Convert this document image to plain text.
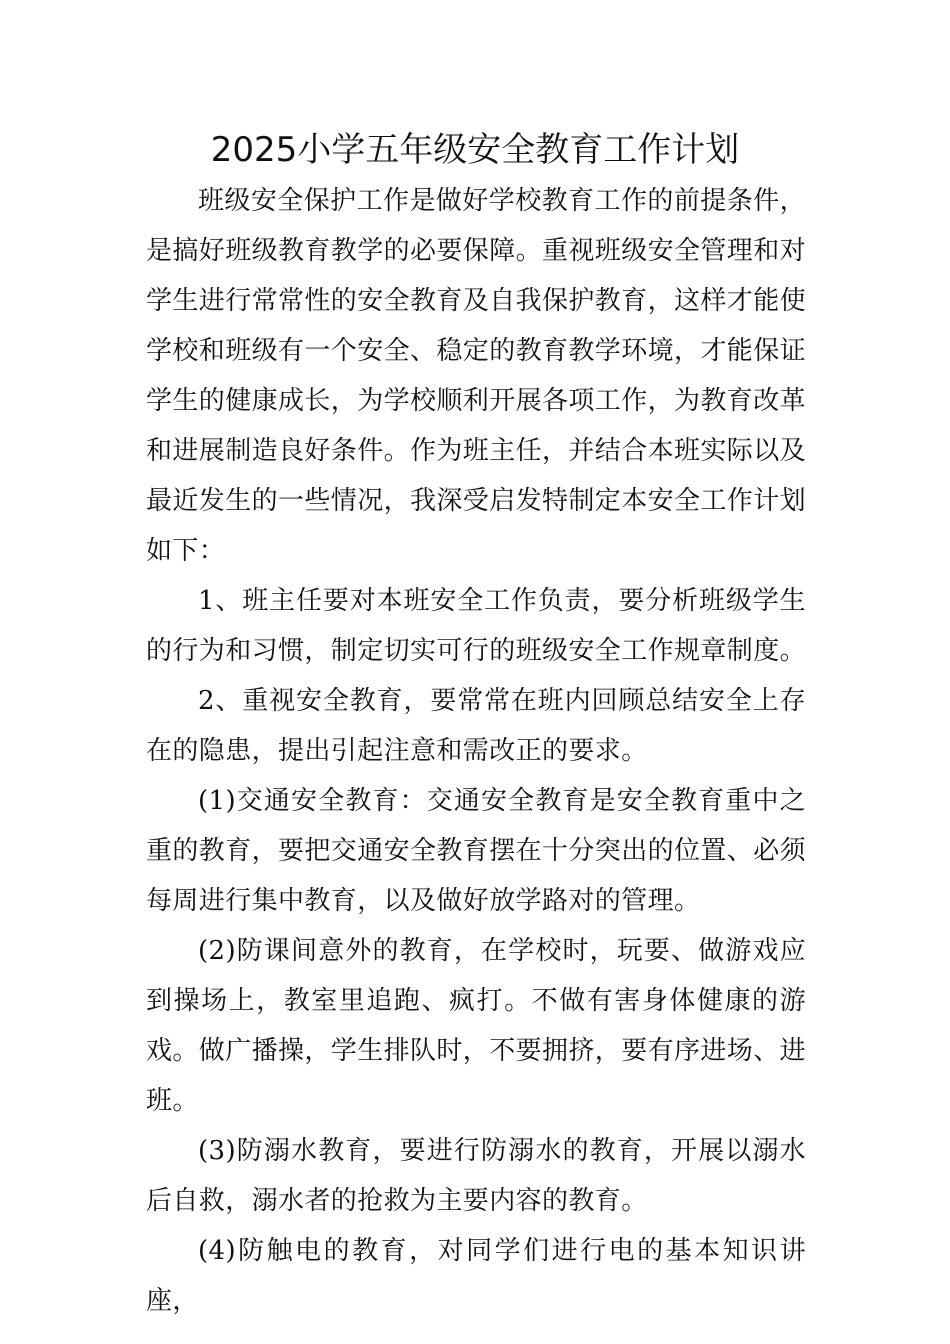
2025小学五年级安全教育工作计划

班级安全保护工作是做好学校教育工作的前提条件，是搞好班级教育教学的必要保障。重视班级安全管理和对学生进行常常性的安全教育及自我保护教育，这样才能使学校和班级有一个安全、稳定的教育教学环境，才能保证学生的健康成长，为学校顺利开展各项工作，为教育改革和进展制造良好条件。作为班主任，并结合本班实际以及最近发生的一些情况，我深受启发特制定本安全工作计划如下：

1、班主任要对本班安全工作负责，要分析班级学生的行为和习惯，制定切实可行的班级安全工作规章制度。

2、重视安全教育，要常常在班内回顾总结安全上存在的隐患，提出引起注意和需改正的要求。

(1)交通安全教育：交通安全教育是安全教育重中之重的教育，要把交通安全教育摆在十分突出的位置、必须每周进行集中教育，以及做好放学路对的管理。

(2)防课间意外的教育，在学校时，玩要、做游戏应到操场上，教室里追跑、疯打。不做有害身体健康的游戏。做广播操，学生排队时，不要拥挤，要有序进场、进班。

(3)防溺水教育，要进行防溺水的教育，开展以溺水后自救，溺水者的抢救为主要内容的教育。

(4)防触电的教育，对同学们进行电的基本知识讲座，
